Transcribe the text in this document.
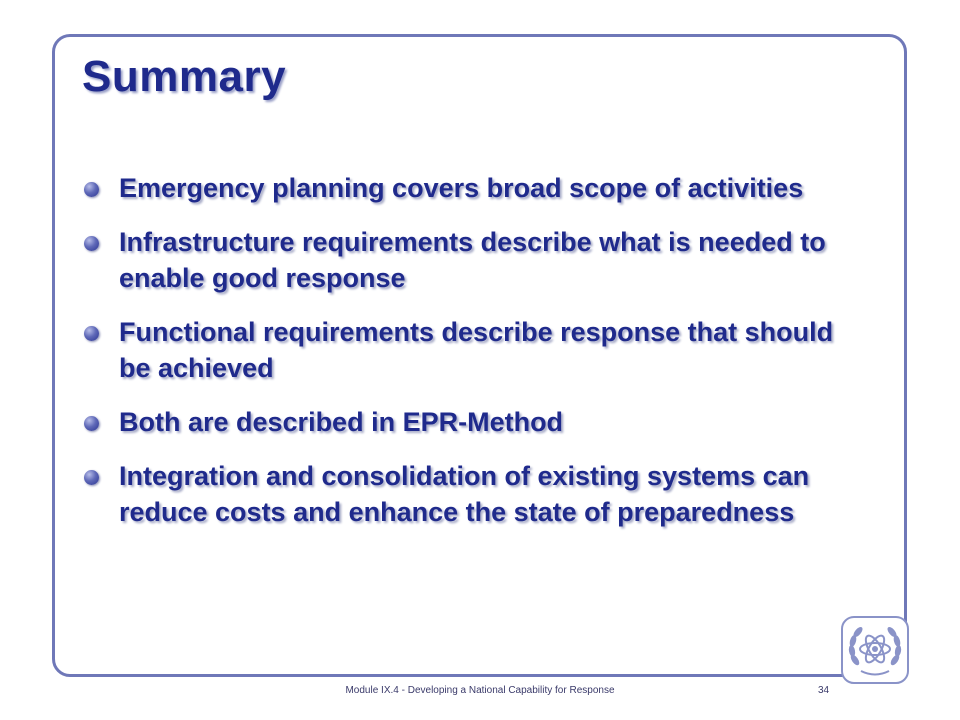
Summary
Emergency planning covers broad scope of activities
Infrastructure requirements describe what is needed to enable good response
Functional requirements describe response that should be achieved
Both are described in EPR-Method
Integration and consolidation of existing systems can reduce costs and enhance the state of preparedness
Module IX.4 - Developing a National Capability for Response	34
